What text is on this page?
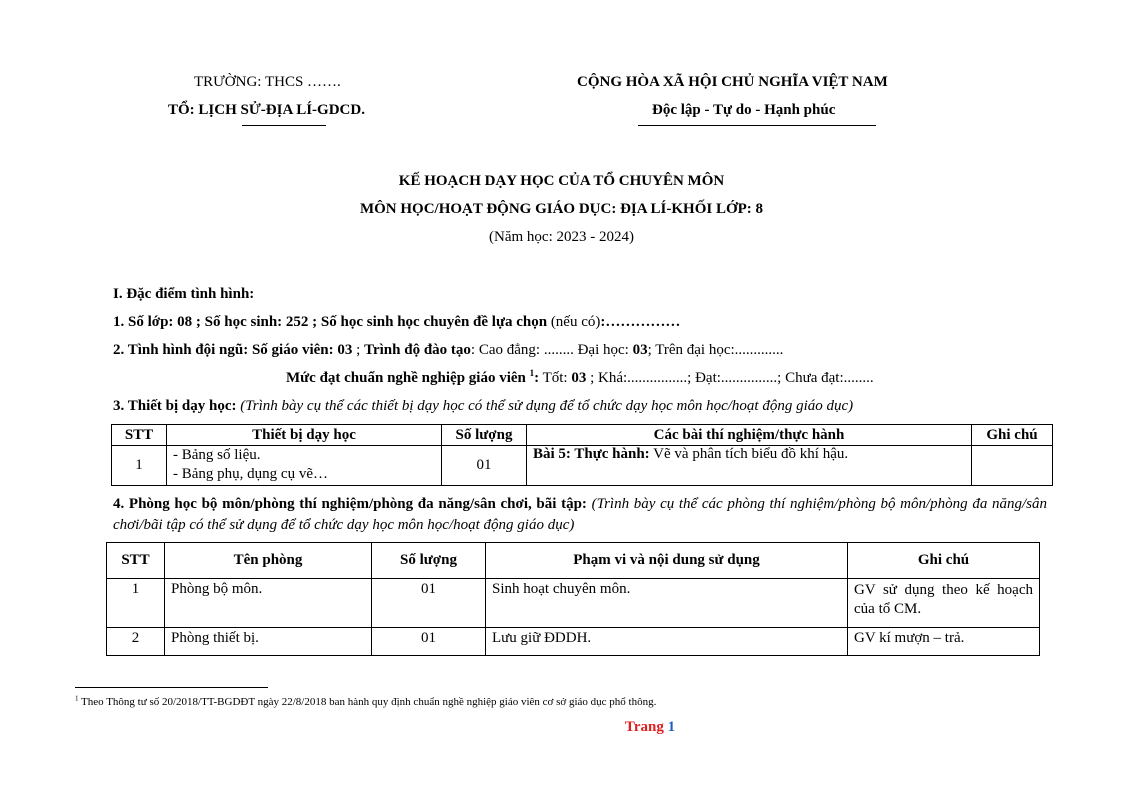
TRƯỜNG: THCS …….
TỔ: LỊCH SỬ-ĐỊA LÍ-GDCD.
CỘNG HÒA XÃ HỘI CHỦ NGHĨA VIỆT NAM
Độc lập - Tự do - Hạnh phúc
KẾ HOẠCH DẠY HỌC CỦA TỔ CHUYÊN MÔN
MÔN HỌC/HOẠT ĐỘNG GIÁO DỤC: ĐỊA LÍ-KHỐI LỚP: 8
(Năm học: 2023 - 2024)
I. Đặc điểm tình hình:
1. Số lớp: 08 ; Số học sinh: 252 ; Số học sinh học chuyên đề lựa chọn (nếu có):……………
2. Tình hình đội ngũ: Số giáo viên: 03 ; Trình độ đào tạo: Cao đẳng: ........ Đại học: 03; Trên đại học:.............
Mức đạt chuẩn nghề nghiệp giáo viên $^1$: Tốt: 03 ; Khá:................; Đạt:...............; Chưa đạt:........
3. Thiết bị dạy học: (Trình bày cụ thể các thiết bị dạy học có thể sử dụng để tổ chức dạy học môn học/hoạt động giáo dục)
STT	Thiết bị dạy học	Số lượng	Các bài thí nghiệm/thực hành	Ghi chú
1	- Bảng số liệu.
- Bảng phụ, dụng cụ vẽ…	01	Bài 5: Thực hành: Vẽ và phân tích biểu đồ khí hậu.	
4. Phòng học bộ môn/phòng thí nghiệm/phòng đa năng/sân chơi, bãi tập: (Trình bày cụ thể các phòng thí nghiệm/phòng bộ môn/phòng đa năng/sân chơi/bãi tập có thể sử dụng để tổ chức dạy học môn học/hoạt động giáo dục)
STT	Tên phòng	Số lượng	Phạm vi và nội dung sử dụng	Ghi chú
1	Phòng bộ môn.	01	Sinh hoạt chuyên môn.	GV sử dụng theo kế hoạch của tổ CM.
2	Phòng thiết bị.	01	Lưu giữ ĐDDH.	GV kí mượn – trả.
$^1$ Theo Thông tư số 20/2018/TT-BGDĐT ngày 22/8/2018 ban hành quy định chuẩn nghề nghiệp giáo viên cơ sở giáo dục phổ thông.
Trang 1
